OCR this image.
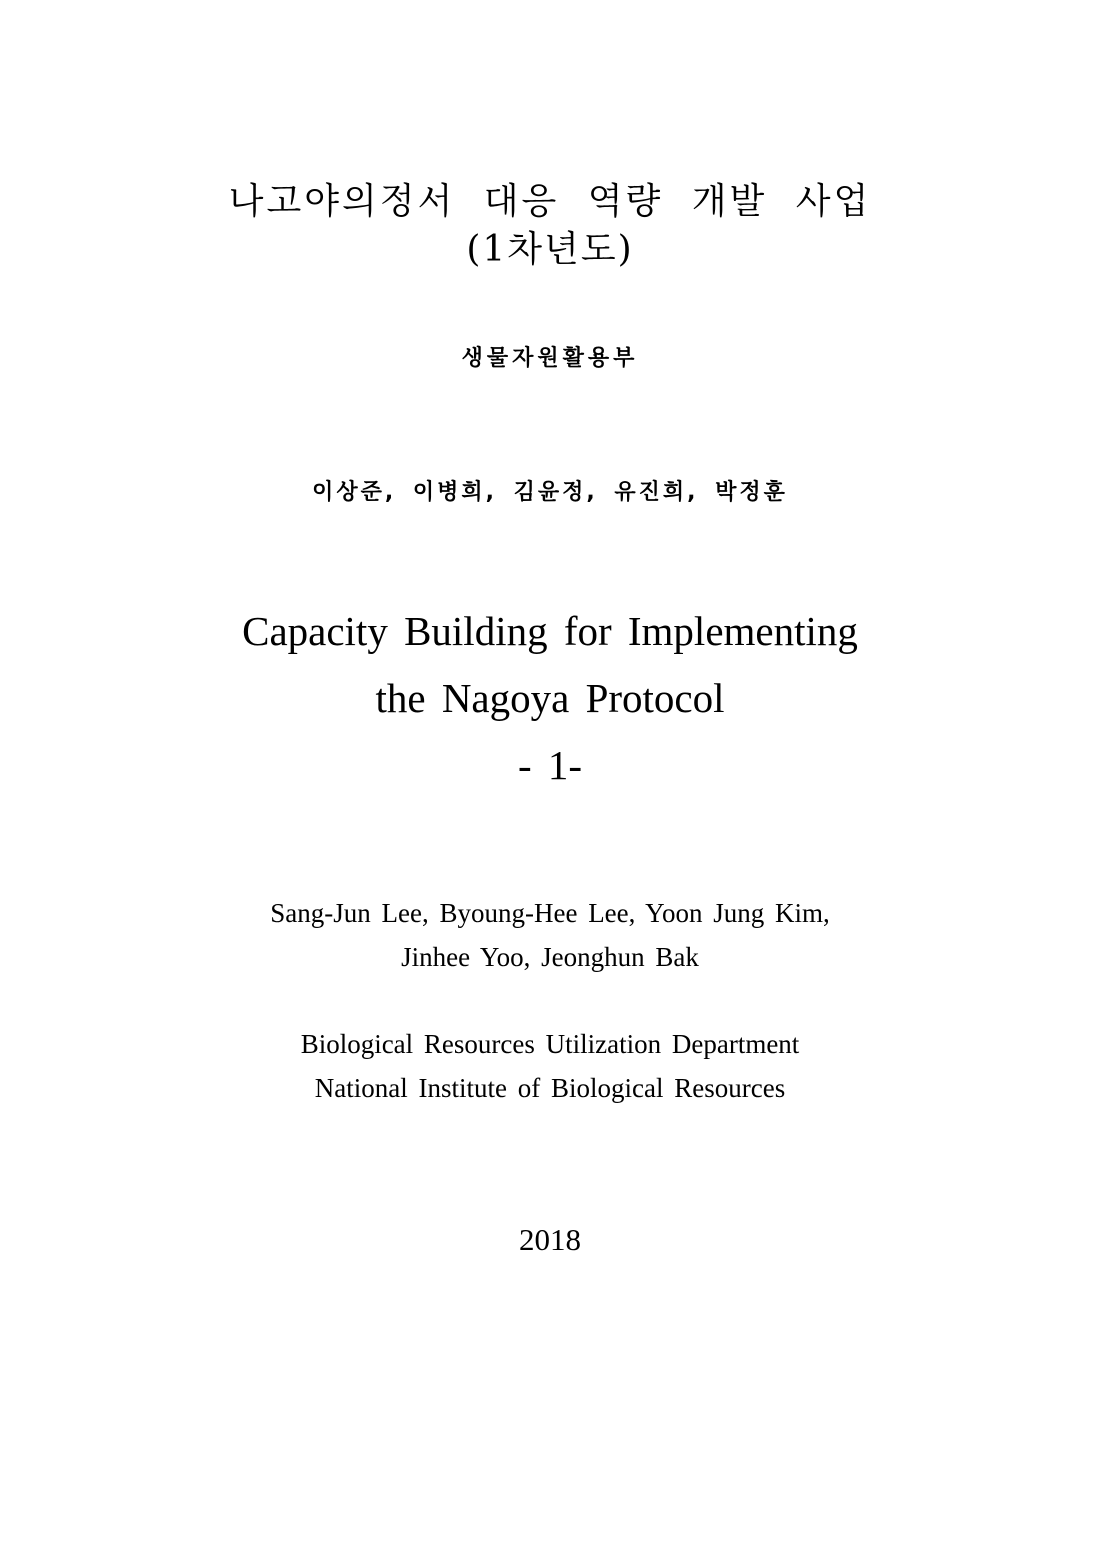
나고야의정서 대응 역량 개발 사업
(1차년도)
생물자원활용부
이상준, 이병희, 김윤정, 유진희, 박정훈
Capacity Building for Implementing
the Nagoya Protocol
- 1-
Sang-Jun Lee, Byoung-Hee Lee, Yoon Jung Kim,
Jinhee Yoo, Jeonghun Bak
Biological Resources Utilization Department
National Institute of Biological Resources
2018
